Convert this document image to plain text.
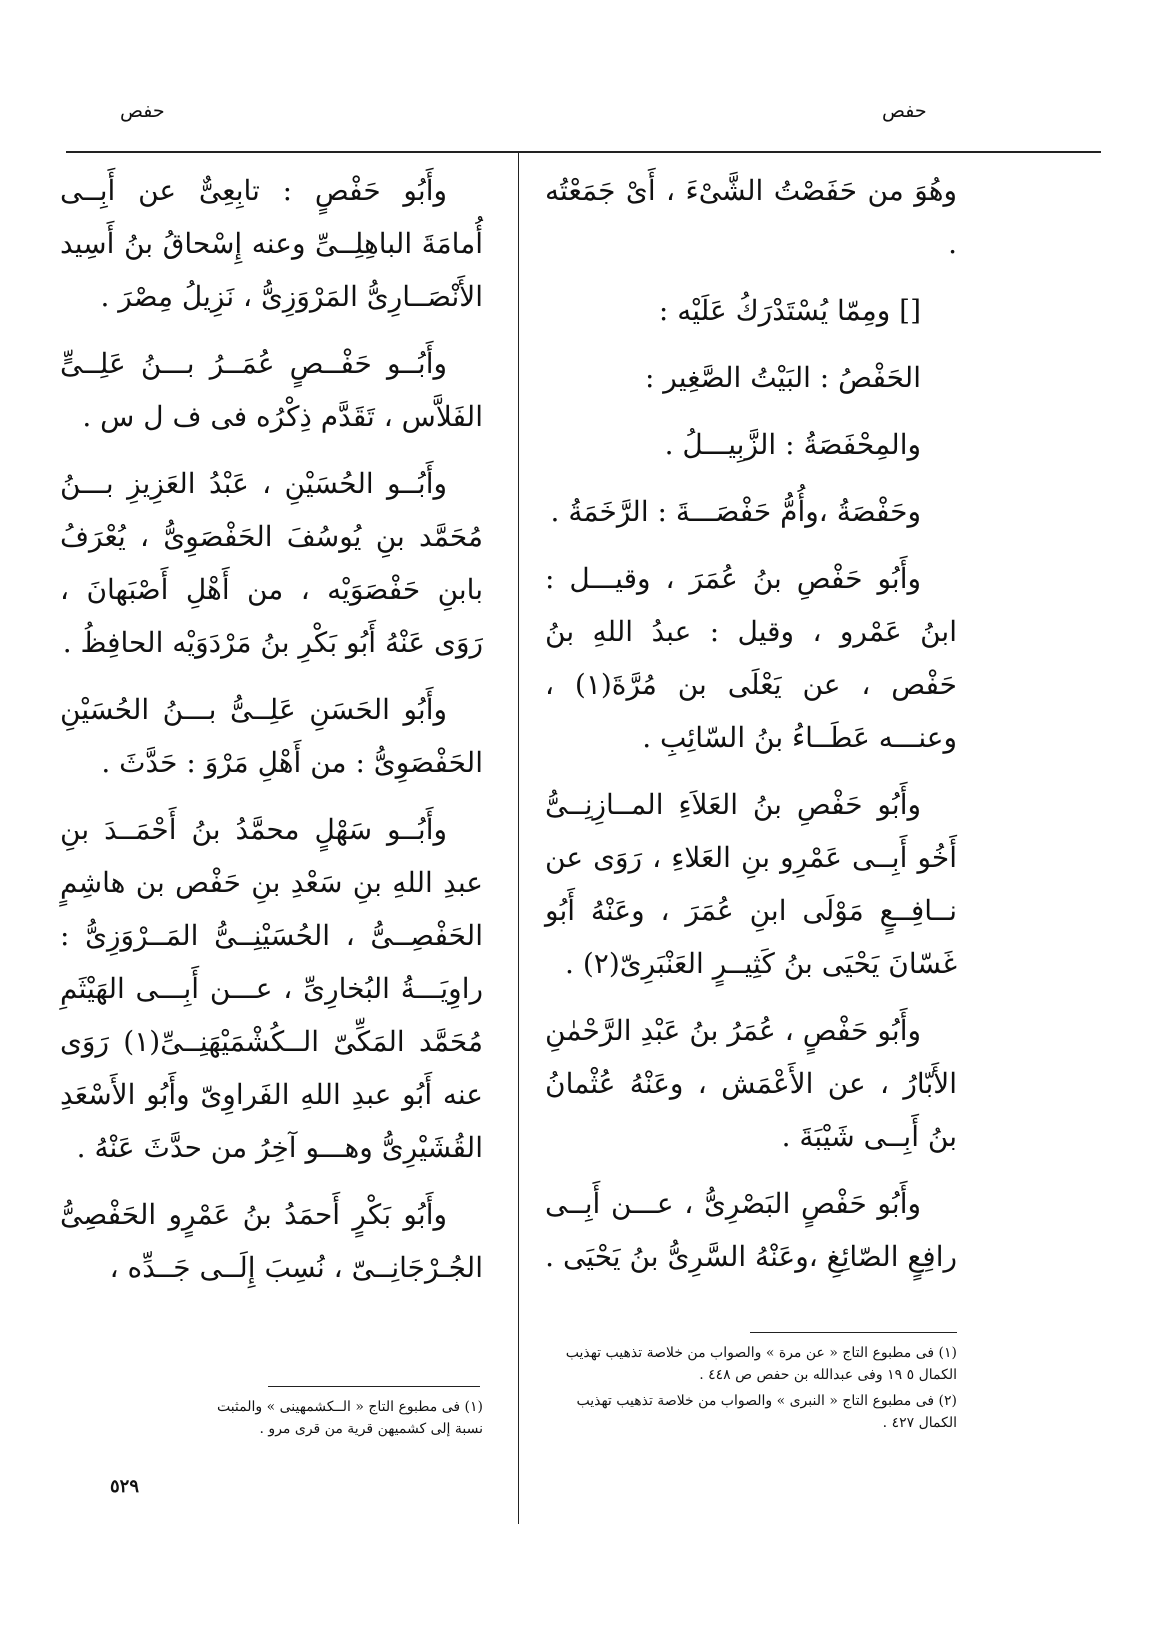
حفص
حفص

وهُوَ من حَفَصْتُ الشَّىْءَ ، أَىْ جَمَعْتُه .

[] ومِمّا يُسْتَدْرَكُ عَلَيْه :

الحَفْصُ : البَيْتُ الصَّغِير :

والمِحْفَصَةُ : الزَّبِيـــلُ .

وحَفْصَةُ ،وأُمُّ حَفْصَـــةَ : الرَّخَمَةُ .

وأَبُو حَفْصِ بنُ عُمَرَ ، وقيـــل : ابنُ عَمْرو ، وقيل : عبدُ اللهِ بنُ حَفْص ، عن يَعْلَى بن مُرَّةَ(١) ، وعنـــه عَطَــاءُ بنُ السّائِبِ .

وأَبُو حَفْصِ بنُ العَلاَءِ المــازِنِــىُّ أَخُو أَبِــى عَمْرِو بنِ العَلاءِ ، رَوَى عن نــافِــعٍ مَوْلَى ابنِ عُمَرَ ، وعَنْهُ أَبُو غَسّانَ يَحْيَى بنُ كَثِيــرٍ العَنْبَرِىّ(٢) .

وأَبُو حَفْصٍ ، عُمَرُ بنُ عَبْدِ الرَّحْمٰنِ الأَبّارُ ، عن الأَعْمَش ، وعَنْهُ عُثْمانُ بنُ أَبِــى شَيْبَةَ .

وأَبُو حَفْصٍ البَصْرِىُّ ، عـــن أَبِــى رافِعٍ الصّائِغِ ،وعَنْهُ السَّرِىُّ بنُ يَحْيَى .

وأَبُو حَفْصٍ : تابِعِىٌّ عن أَبِــى أُمامَةَ الباهِلِــىِّ وعنه إِسْحاقُ بنُ أَسِيد الأَنْصَــارِىُّ المَرْوَزِىُّ ، نَزِيلُ مِصْرَ .

وأَبُــو حَفْــصٍ عُمَــرُ بـــنُ عَلِــىٍّ الفَلاَّس ، تَقَدَّم ذِكْرُه فى ف ل س .

وأَبُــو الحُسَيْنِ ، عَبْدُ العَزِيزِ بـــنُ مُحَمَّد بنِ يُوسُفَ الحَفْصَوِىُّ ، يُعْرَفُ بابنِ حَفْصَوَيْه ، من أَهْلِ أَصْبَهانَ ، رَوَى عَنْهُ أَبُو بَكْرِ بنُ مَرْدَوَيْه الحافِظُ .

وأَبُو الحَسَنِ عَلِــىُّ بـــنُ الحُسَيْنِ الحَفْصَوِىُّ : من أَهْلِ مَرْوَ : حَدَّثَ .

وأَبُــو سَهْلٍ محمَّدُ بنُ أَحْمَــدَ بنِ عبدِ اللهِ بنِ سَعْدِ بنِ حَفْص بن هاشِمٍ الحَفْصِــىُّ ، الحُسَيْنِــىُّ المَــرْوَزِىُّ : راوِيَـــةُ البُخارِىِّ ، عـــن أَبِـــى الهَيْثَمِ مُحَمَّد المَكِّىّ الــكُشْمَيْهَنِــىِّ(١) رَوَى عنه أَبُو عبدِ اللهِ الفَراوِىّ وأَبُو الأَسْعَدِ القُشَيْرِىُّ وهـــو آخِرُ من حدَّثَ عَنْهُ .

وأَبُو بَكْرٍ أَحمَدُ بنُ عَمْرٍو الحَفْصِىُّ الجُـرْجَانِــىّ ، نُسِبَ إِلَــى جَــدِّه ،

(١) فى مطبوع التاج « عن مرة » والصواب من خلاصة تذهيب تهذيب الكمال ٥ ١٩ وفى عبدالله بن حفص ص ٤٤٨ .

(٢) فى مطبوع التاج « النبرى » والصواب من خلاصة تذهيب تهذيب الكمال ٤٢٧ .

(١) فى مطبوع التاج « الــكشمهينى » والمثبت نسبة إلى كشميهن قرية من قرى مرو .

٥٢٩
